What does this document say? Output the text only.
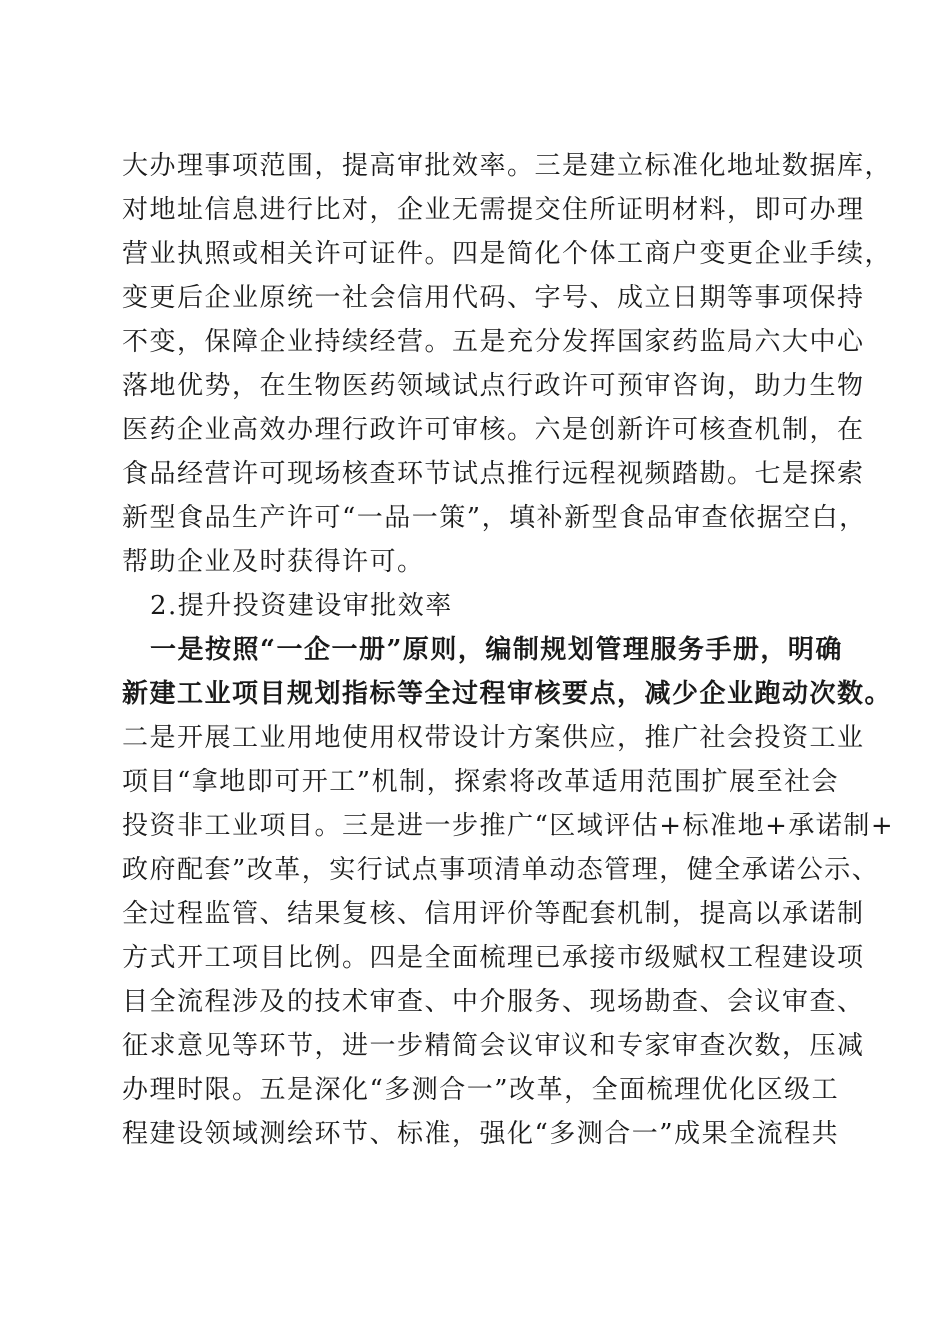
大办理事项范围，提高审批效率。三是建立标准化地址数据库，
对地址信息进行比对，企业无需提交住所证明材料，即可办理
营业执照或相关许可证件。四是简化个体工商户变更企业手续，
变更后企业原统一社会信用代码、字号、成立日期等事项保持
不变，保障企业持续经营。五是充分发挥国家药监局六大中心
落地优势，在生物医药领域试点行政许可预审咨询，助力生物
医药企业高效办理行政许可审核。六是创新许可核查机制，在
食品经营许可现场核查环节试点推行远程视频踏勘。七是探索
新型食品生产许可“一品一策”，填补新型食品审查依据空白，
帮助企业及时获得许可。
2.提升投资建设审批效率
一是按照“一企一册”原则，编制规划管理服务手册，明确
新建工业项目规划指标等全过程审核要点，减少企业跑动次数。
二是开展工业用地使用权带设计方案供应，推广社会投资工业
项目“拿地即可开工”机制，探索将改革适用范围扩展至社会
投资非工业项目。三是进一步推广“区域评估+标准地+承诺制+
政府配套”改革，实行试点事项清单动态管理，健全承诺公示、
全过程监管、结果复核、信用评价等配套机制，提高以承诺制
方式开工项目比例。四是全面梳理已承接市级赋权工程建设项
目全流程涉及的技术审查、中介服务、现场勘查、会议审查、
征求意见等环节，进一步精简会议审议和专家审查次数，压减
办理时限。五是深化“多测合一”改革，全面梳理优化区级工
程建设领域测绘环节、标准，强化“多测合一”成果全流程共
